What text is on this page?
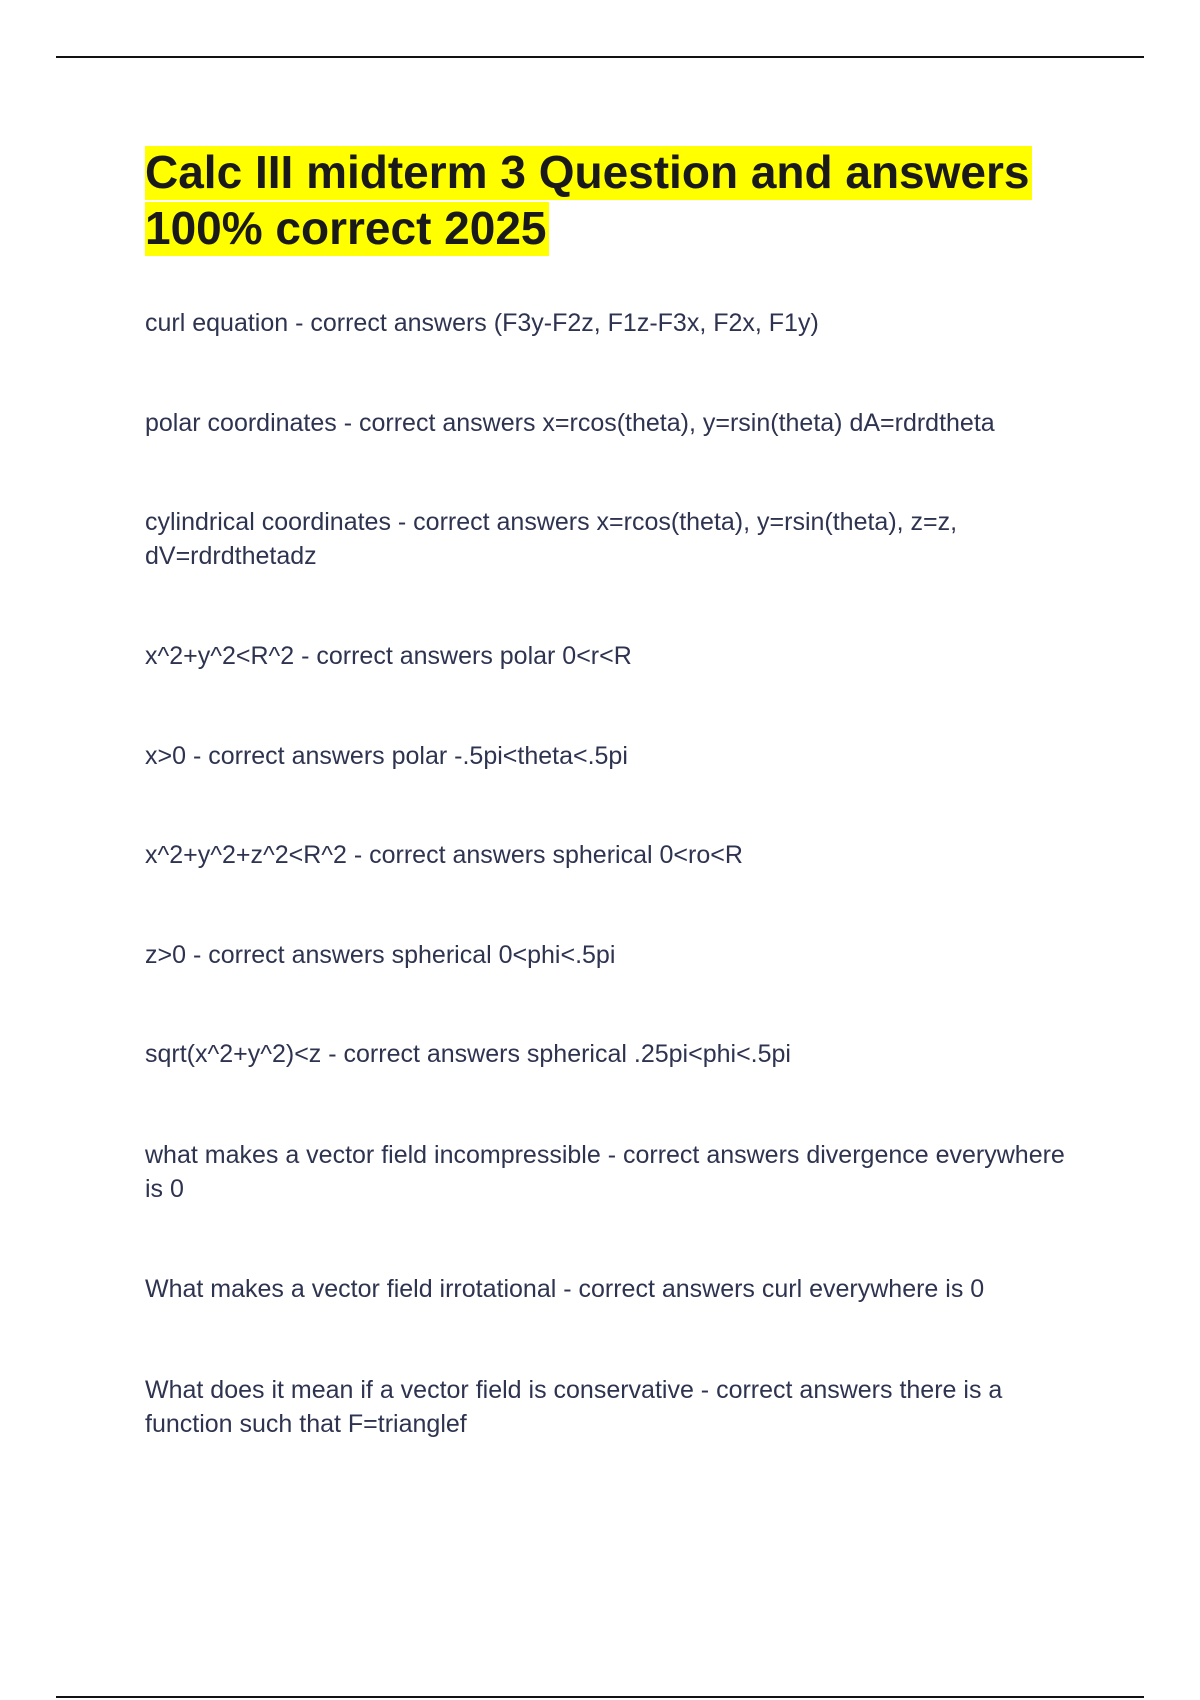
Calc III midterm 3 Question and answers
100% correct 2025
curl equation - correct answers (F3y-F2z, F1z-F3x, F2x, F1y)
polar coordinates - correct answers x=rcos(theta), y=rsin(theta) dA=rdrdtheta
cylindrical coordinates - correct answers x=rcos(theta), y=rsin(theta), z=z, dV=rdrdthetadz
x^2+y^2<R^2 - correct answers polar 0<r<R
x>0 - correct answers polar -.5pi<theta<.5pi
x^2+y^2+z^2<R^2 - correct answers spherical 0<ro<R
z>0 - correct answers spherical 0<phi<.5pi
sqrt(x^2+y^2)<z - correct answers spherical .25pi<phi<.5pi
what makes a vector field incompressible - correct answers divergence everywhere is 0
What makes a vector field irrotational - correct answers curl everywhere is 0
What does it mean if a vector field is conservative - correct answers there is a function such that F=trianglef
